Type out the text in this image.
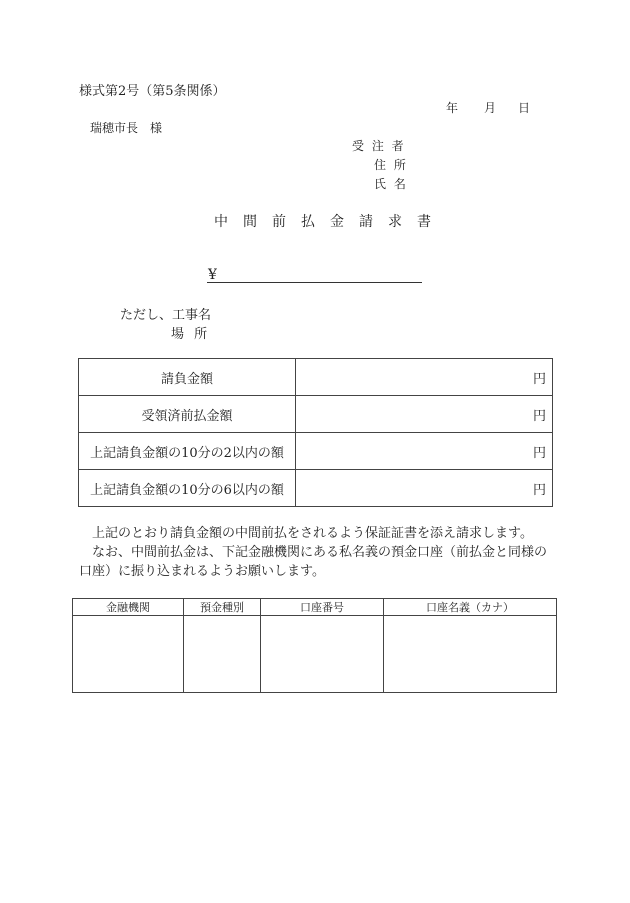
様式第2号（第5条関係）
年 月 日
瑞穂市長　様
受 注 者
住 所
氏 名
中間前払金請求書
¥
ただし、工事名
場 所
請負金額	円
受領済前払金額	円
上記請負金額の10分の2以内の額	円
上記請負金額の10分の6以内の額	円
上記のとおり請負金額の中間前払をされるよう保証証書を添え請求します。
なお、中間前払金は、下記金融機関にある私名義の預金口座（前払金と同様の
口座）に振り込まれるようお願いします。
金融機関	預金種別	口座番号	口座名義（カナ）
